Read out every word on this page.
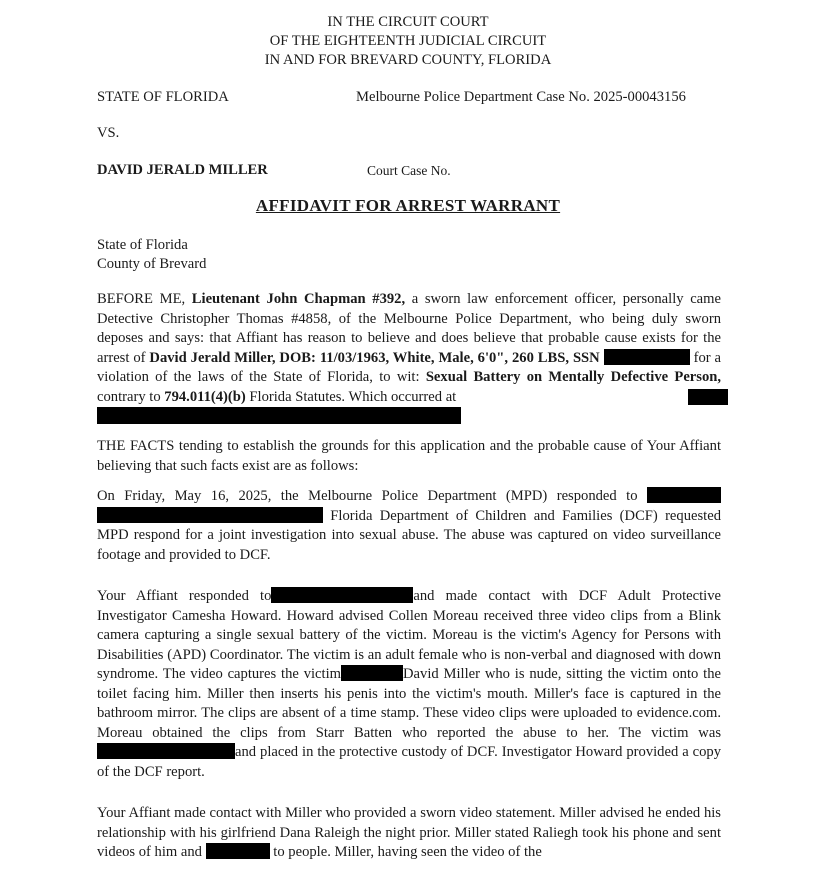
IN THE CIRCUIT COURT
OF THE EIGHTEENTH JUDICIAL CIRCUIT
IN AND FOR BREVARD COUNTY, FLORIDA
STATE OF FLORIDA	Melbourne Police Department Case No. 2025-00043156
VS.
DAVID JERALD MILLER	Court Case No.
AFFIDAVIT FOR ARREST WARRANT
State of Florida
County of Brevard

BEFORE ME, Lieutenant John Chapman #392, a sworn law enforcement officer, personally came Detective Christopher Thomas #4858, of the Melbourne Police Department, who being duly sworn deposes and says: that Affiant has reason to believe and does believe that probable cause exists for the arrest of David Jerald Miller, DOB: 11/03/1963, White, Male, 6'0", 260 LBS, SSN	for a violation of the laws of the State of Florida, to wit: Sexual Battery on Mentally Defective Person, contrary to 794.011(4)(b) Florida Statutes. Which occurred at

THE FACTS tending to establish the grounds for this application and the probable cause of Your Affiant believing that such facts exist are as follows:

On Friday, May 16, 2025, the Melbourne Police Department (MPD) responded to   Florida Department of Children and Families (DCF) requested MPD respond for a joint investigation into sexual abuse. The abuse was captured on video surveillance footage and provided to DCF.

Your Affiant responded to	and made contact with DCF Adult Protective Investigator Camesha Howard. Howard advised Collen Moreau received three video clips from a Blink camera capturing a single sexual battery of the victim. Moreau is the victim's Agency for Persons with Disabilities (APD) Coordinator. The victim is an adult female who is non-verbal and diagnosed with down syndrome. The video captures the victim	David Miller who is nude, sitting the victim onto the toilet facing him. Miller then inserts his penis into the victim's mouth. Miller's face is captured in the bathroom mirror. The clips are absent of a time stamp. These video clips were uploaded to evidence.com. Moreau obtained the clips from Starr Batten who reported the abuse to her. The victim wasand placed in the protective custody of DCF. Investigator Howard provided a copy of the DCF report.

Your Affiant made contact with Miller who provided a sworn video statement. Miller advised he ended his relationship with his girlfriend Dana Raleigh the night prior. Miller stated Raliegh took his phone and sent videos of him and	to people. Miller, having seen the video of the
